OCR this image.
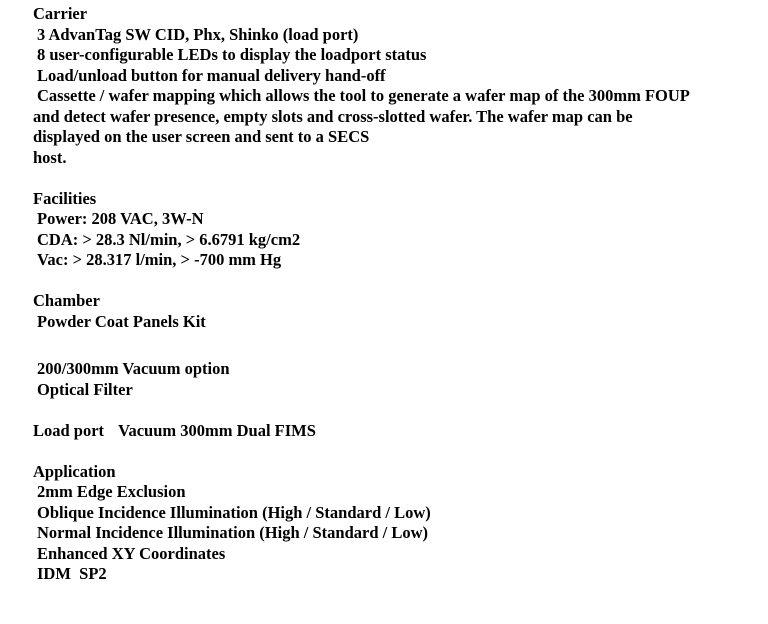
Carrier
3 AdvanTag SW CID, Phx, Shinko (load port)
8 user-configurable LEDs to display the loadport status
Load/unload button for manual delivery hand-off
Cassette / wafer mapping which allows the tool to generate a wafer map of the 300mm FOUP
and detect wafer presence, empty slots and cross-slotted wafer. The wafer map can be
displayed on the user screen and sent to a SECS
host.
Facilities
Power: 208 VAC, 3W-N
CDA: > 28.3 Nl/min, > 6.6791 kg/cm2
Vac: > 28.317 l/min, > -700 mm Hg
Chamber
Powder Coat Panels Kit
200/300mm Vacuum option
Optical Filter
Load port Vacuum 300mm Dual FIMS
Application
2mm Edge Exclusion
Oblique Incidence Illumination (High / Standard / Low)
Normal Incidence Illumination (High / Standard / Low)
Enhanced XY Coordinates
IDM  SP2
